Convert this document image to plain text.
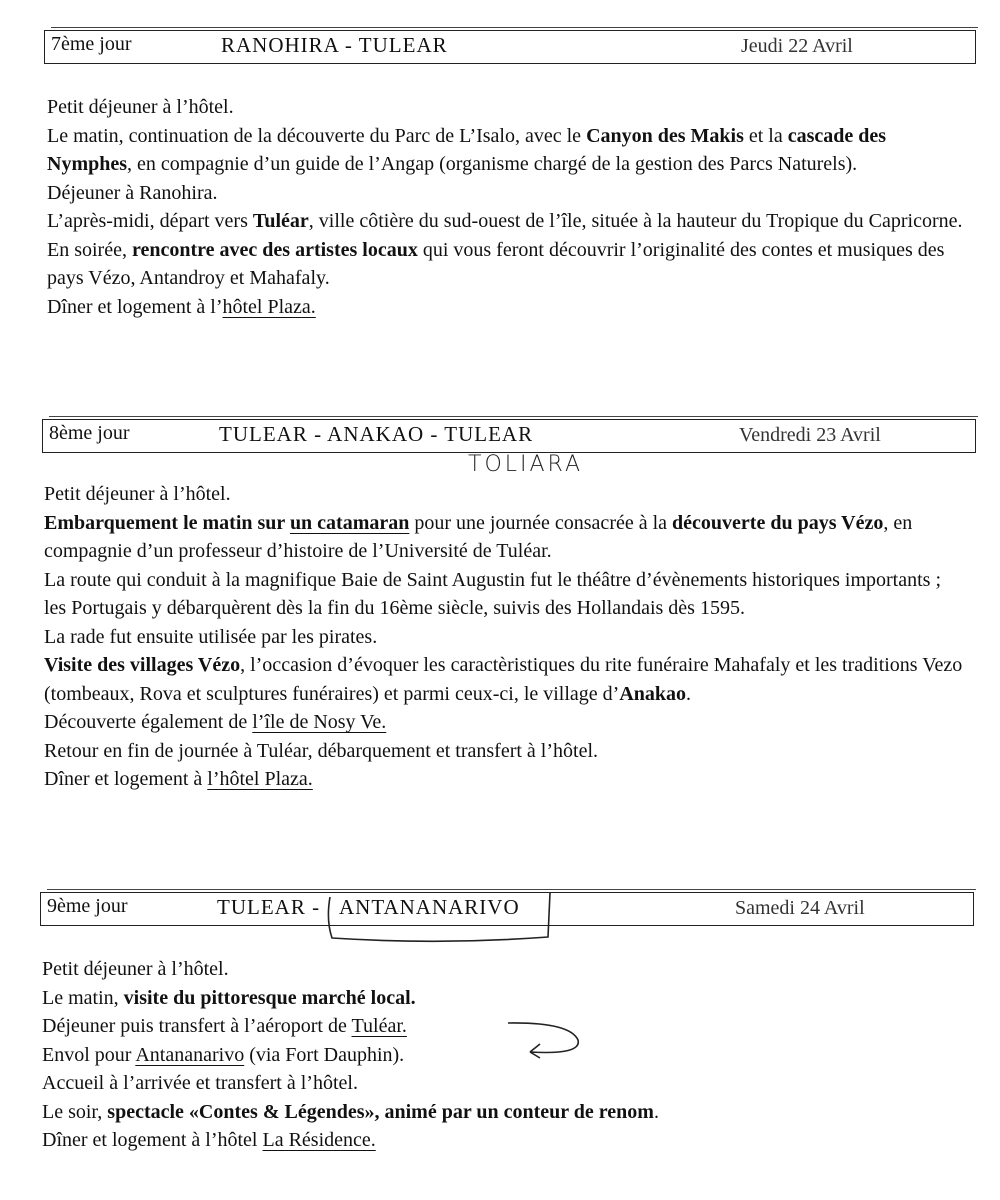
7ème jour	RANOHIRA - TULEAR	Jeudi 22 Avril

Petit déjeuner à l’hôtel.

Le matin, continuation de la découverte du Parc de L’Isalo, avec le Canyon des Makis et la cascade des Nymphes, en compagnie d’un guide de l’Angap (organisme chargé de la gestion des Parcs Naturels).

Déjeuner à Ranohira.

L’après-midi, départ vers Tuléar, ville côtière du sud-ouest de l’île, située à la hauteur du Tropique du Capricorne.

En soirée, rencontre avec des artistes locaux qui vous feront découvrir l’originalité des contes et musiques des pays Vézo, Antandroy et Mahafaly.

Dîner et logement à l’hôtel Plaza.

8ème jour	TULEAR - ANAKAO - TULEAR	Vendredi 23 Avril
TOLIARA

Petit déjeuner à l’hôtel.

Embarquement le matin sur un catamaran pour une journée consacrée à la découverte du pays Vézo, en compagnie d’un professeur d’histoire de l’Université de Tuléar.

La route qui conduit à la magnifique Baie de Saint Augustin fut le théâtre d’évènements historiques importants ; les Portugais y débarquèrent dès la fin du 16ème siècle, suivis des Hollandais dès 1595.

La rade fut ensuite utilisée par les pirates.

Visite des villages Vézo, l’occasion d’évoquer les caractèristiques du rite funéraire Mahafaly et les traditions Vezo (tombeaux, Rova et sculptures funéraires) et parmi ceux-ci, le village d’Anakao.

Découverte également de l’île de Nosy Ve.

Retour en fin de journée à Tuléar, débarquement et transfert à l’hôtel.

Dîner et logement à l’hôtel Plaza.

9ème jour	TULEAR - ANTANANARIVO	Samedi 24 Avril

Petit déjeuner à l’hôtel.

Le matin, visite du pittoresque marché local.

Déjeuner puis transfert à l’aéroport de Tuléar.

Envol pour Antananarivo (via Fort Dauphin).

Accueil à l’arrivée et transfert à l’hôtel.

Le soir, spectacle «Contes & Légendes», animé par un conteur de renom.

Dîner et logement à l’hôtel La Résidence.
